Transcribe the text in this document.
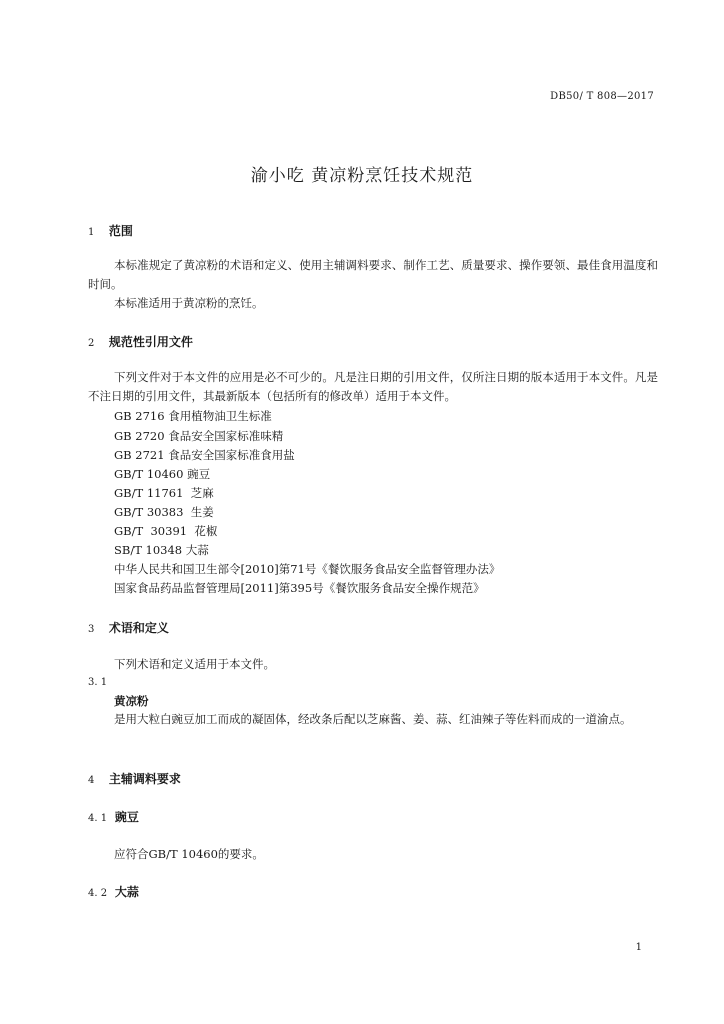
DB50/ T 808—2017
渝小吃 黄凉粉烹饪技术规范
1 范围
本标准规定了黄凉粉的术语和定义、使用主辅调料要求、制作工艺、质量要求、操作要领、最佳食用温度和时间。
本标准适用于黄凉粉的烹饪。
2 规范性引用文件
下列文件对于本文件的应用是必不可少的。凡是注日期的引用文件，仅所注日期的版本适用于本文件。凡是不注日期的引用文件，其最新版本（包括所有的修改单）适用于本文件。
GB 2716 食用植物油卫生标准
GB 2720 食品安全国家标准味精
GB 2721 食品安全国家标准食用盐
GB/T 10460 豌豆
GB/T 11761  芝麻
GB/T 30383  生姜
GB/T  30391  花椒
SB/T 10348 大蒜
中华人民共和国卫生部令[2010]第71号《餐饮服务食品安全监督管理办法》
国家食品药品监督管理局[2011]第395号《餐饮服务食品安全操作规范》
3 术语和定义
下列术语和定义适用于本文件。
3. 1
黄凉粉
是用大粒白豌豆加工而成的凝固体，经改条后配以芝麻酱、姜、蒜、红油辣子等佐料而成的一道渝点。
4 主辅调料要求
4. 1 豌豆
应符合GB/T 10460的要求。
4. 2 大蒜
1
